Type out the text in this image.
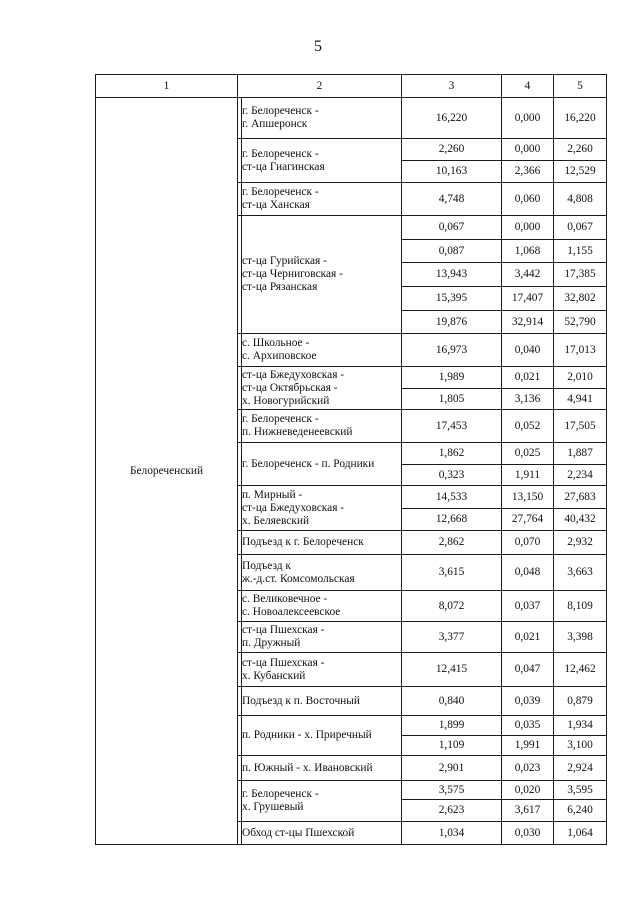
5
1	2		3	4	5
Белореченский		г. Белореченск -
г. Апшеронск	16,220	0,000	16,220

		г. Белореченск -
ст-ца Гиагинская	2,260	0,000	2,260
			10,163	2,366	12,529

		г. Белореченск -
ст-ца Ханская	4,748	0,060	4,808

		ст-ца Гурийская -
ст-ца Черниговская -
ст-ца Рязанская	0,067	0,000	0,067
			0,087	1,068	1,155
			13,943	3,442	17,385
			15,395	17,407	32,802
			19,876	32,914	52,790

		с. Школьное -
с. Архиповское	16,973	0,040	17,013

		ст-ца Бжедуховская -
ст-ца Октябрьская -
х. Новогурийский	1,989	0,021	2,010
			1,805	3,136	4,941

		г. Белореченск -
п. Нижневеденеевский	17,453	0,052	17,505

		г. Белореченск - п. Родники	1,862	0,025	1,887
			0,323	1,911	2,234

		п. Мирный -
ст-ца Бжедуховская -
х. Беляевский	14,533	13,150	27,683
			12,668	27,764	40,432

		Подъезд к г. Белореченск	2,862	0,070	2,932

		Подъезд к
ж.-д.ст. Комсомольская	3,615	0,048	3,663

		с. Великовечное -
с. Новоалексеевское	8,072	0,037	8,109

		ст-ца Пшехская -
п. Дружный	3,377	0,021	3,398

		ст-ца Пшехская -
х. Кубанский	12,415	0,047	12,462

		Подъезд к п. Восточный	0,840	0,039	0,879

		п. Родники - х. Приречный	1,899	0,035	1,934
			1,109	1,991	3,100

		п. Южный - х. Ивановский	2,901	0,023	2,924

		г. Белореченск -
х. Грушевый	3,575	0,020	3,595
			2,623	3,617	6,240

		Обход ст-цы Пшехской	1,034	0,030	1,064
